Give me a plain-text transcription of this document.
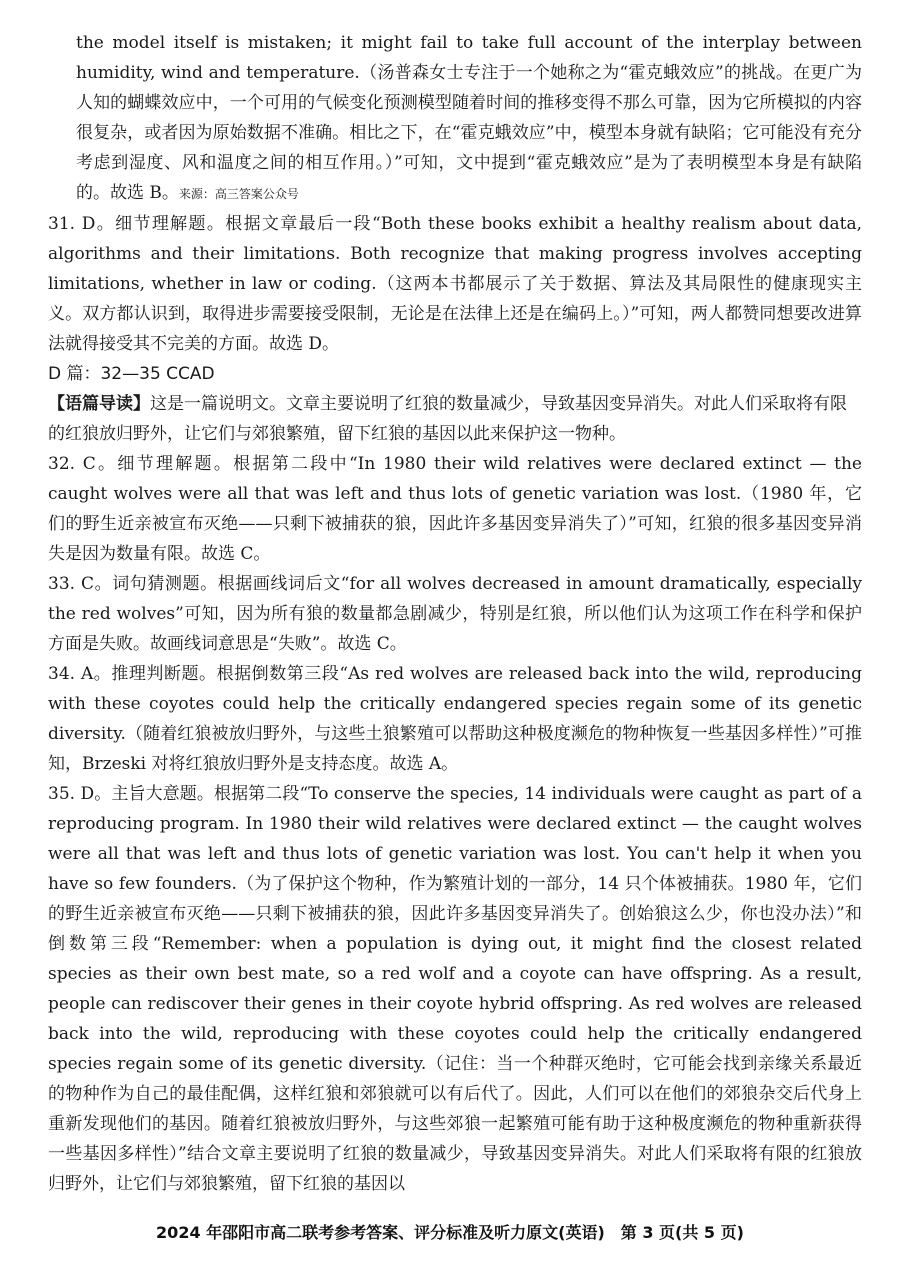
the model itself is mistaken; it might fail to take full account of the interplay between humidity, wind and temperature.（汤普森女士专注于一个她称之为“霍克蛾效应”的挑战。在更广为人知的蝴蝶效应中，一个可用的气候变化预测模型随着时间的推移变得不那么可靠，因为它所模拟的内容很复杂，或者因为原始数据不准确。相比之下，在“霍克蛾效应”中，模型本身就有缺陷；它可能没有充分考虑到湿度、风和温度之间的相互作用。）”可知，文中提到“霍克蛾效应”是为了表明模型本身是有缺陷的。故选 B。来源：高三答案公众号

31. D。细节理解题。根据文章最后一段“Both these books exhibit a healthy realism about data, algorithms and their limitations. Both recognize that making progress involves accepting limitations, whether in law or coding.（这两本书都展示了关于数据、算法及其局限性的健康现实主义。双方都认识到，取得进步需要接受限制，无论是在法律上还是在编码上。）”可知，两人都赞同想要改进算法就得接受其不完美的方面。故选 D。

D 篇：32—35 CCAD

【语篇导读】这是一篇说明文。文章主要说明了红狼的数量减少，导致基因变异消失。对此人们采取将有限的红狼放归野外，让它们与郊狼繁殖，留下红狼的基因以此来保护这一物种。

32. C。细节理解题。根据第二段中“In 1980 their wild relatives were declared extinct — the caught wolves were all that was left and thus lots of genetic variation was lost.（1980 年，它们的野生近亲被宣布灭绝——只剩下被捕获的狼，因此许多基因变异消失了）”可知，红狼的很多基因变异消失是因为数量有限。故选 C。

33. C。词句猜测题。根据画线词后文“for all wolves decreased in amount dramatically, especially the red wolves”可知，因为所有狼的数量都急剧减少，特别是红狼，所以他们认为这项工作在科学和保护方面是失败。故画线词意思是“失败”。故选 C。

34. A。推理判断题。根据倒数第三段“As red wolves are released back into the wild, reproducing with these coyotes could help the critically endangered species regain some of its genetic diversity.（随着红狼被放归野外，与这些土狼繁殖可以帮助这种极度濒危的物种恢复一些基因多样性）”可推知，Brzeski 对将红狼放归野外是支持态度。故选 A。

35. D。主旨大意题。根据第二段“To conserve the species, 14 individuals were caught as part of a reproducing program. In 1980 their wild relatives were declared extinct — the caught wolves were all that was left and thus lots of genetic variation was lost. You can't help it when you have so few founders.（为了保护这个物种，作为繁殖计划的一部分，14 只个体被捕获。1980 年，它们的野生近亲被宣布灭绝——只剩下被捕获的狼，因此许多基因变异消失了。创始狼这么少，你也没办法）”和倒数第三段“Remember: when a population is dying out, it might find the closest related species as their own best mate, so a red wolf and a coyote can have offspring. As a result, people can rediscover their genes in their coyote hybrid offspring. As red wolves are released back into the wild, reproducing with these coyotes could help the critically endangered species regain some of its genetic diversity.（记住：当一个种群灭绝时，它可能会找到亲缘关系最近的物种作为自己的最佳配偶，这样红狼和郊狼就可以有后代了。因此，人们可以在他们的郊狼杂交后代身上重新发现他们的基因。随着红狼被放归野外，与这些郊狼一起繁殖可能有助于这种极度濒危的物种重新获得一些基因多样性）”结合文章主要说明了红狼的数量减少，导致基因变异消失。对此人们采取将有限的红狼放归野外，让它们与郊狼繁殖，留下红狼的基因以

2024 年邵阳市高二联考参考答案、评分标准及听力原文(英语)　第 3 页(共 5 页)
